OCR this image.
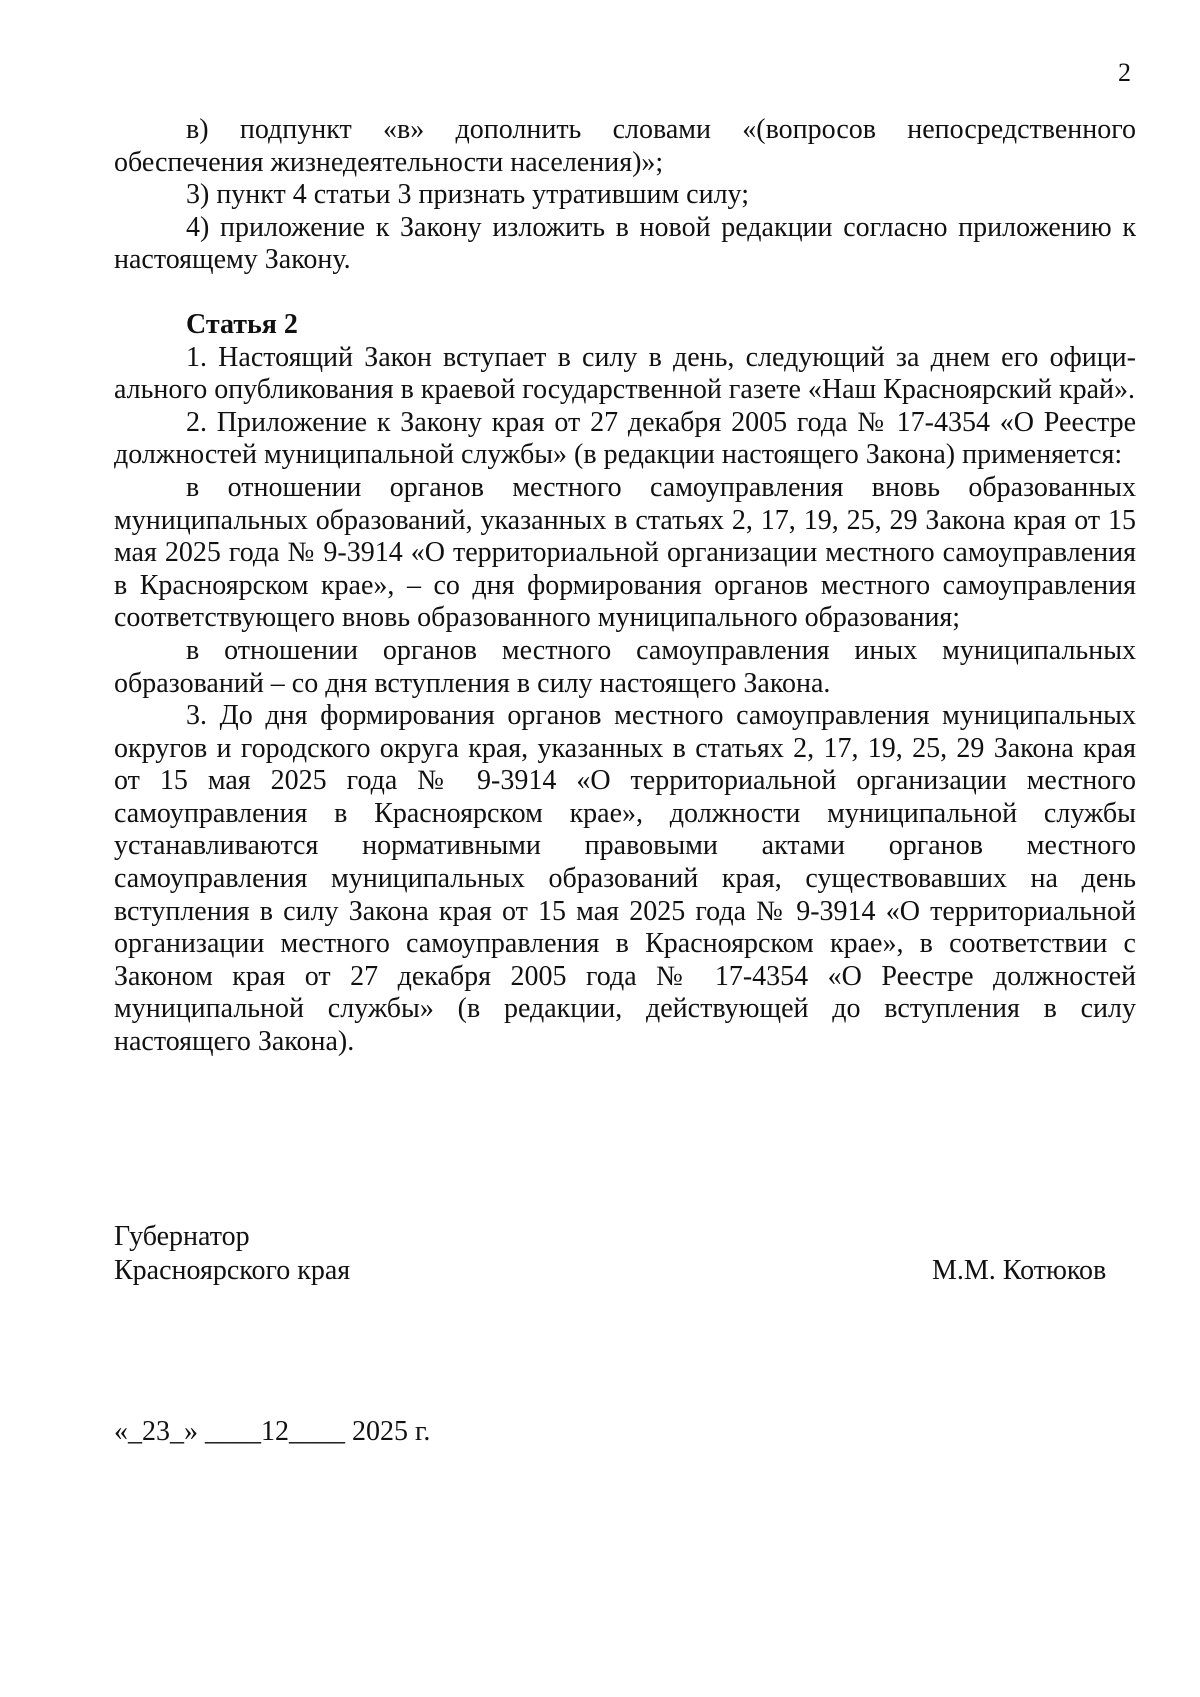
2

в) подпункт «в» дополнить словами «(вопросов непосредственного обеспечения жизнедеятельности населения)»;

3) пункт 4 статьи 3 признать утратившим силу;

4) приложение к Закону изложить в новой редакции согласно приложению к настоящему Закону.

Статья 2

1. Настоящий Закон вступает в силу в день, следующий за днем его официального опубликования в краевой государственной газете «Наш Красноярский край».

2. Приложение к Закону края от 27 декабря 2005 года № 17-4354 «О Реестре должностей муниципальной службы» (в редакции настоящего Закона) применяется:

в отношении органов местного самоуправления вновь образованных муниципальных образований, указанных в статьях 2, 17, 19, 25, 29 Закона края от 15 мая 2025 года № 9-3914 «О территориальной организации местного самоуправления в Красноярском крае», – со дня формирования органов местного самоуправления соответствующего вновь образованного муниципального образования;

в отношении органов местного самоуправления иных муниципальных образований – со дня вступления в силу настоящего Закона.

3. До дня формирования органов местного самоуправления муниципальных округов и городского округа края, указанных в статьях 2, 17, 19, 25, 29 Закона края от 15 мая 2025 года № 9-3914 «О территориальной организации местного самоуправления в Красноярском крае», должности муниципальной службы устанавливаются нормативными правовыми актами органов местного самоуправления муниципальных образований края, существовавших на день вступления в силу Закона края от 15 мая 2025 года № 9-3914 «О территориальной организации местного самоуправления в Красноярском крае», в соответствии с Законом края от 27 декабря 2005 года № 17-4354 «О Реестре должностей муниципальной службы» (в редакции, действующей до вступления в силу настоящего Закона).

Губернатор
Красноярского края	М.М. Котюков
«_23_» ____12____ 2025 г.
